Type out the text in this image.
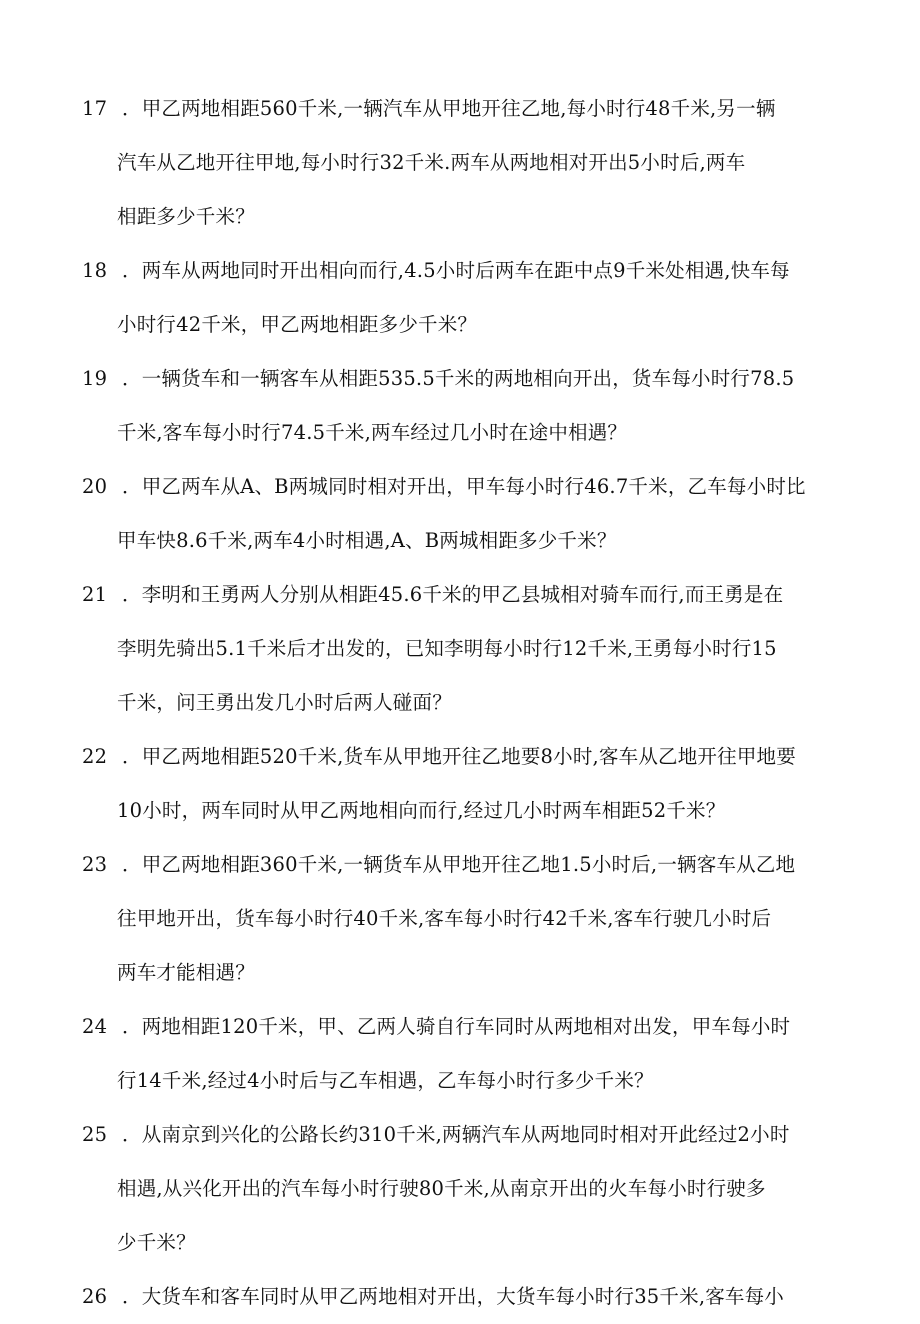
17 ．甲乙两地相距560千米,一辆汽车从甲地开往乙地,每小时行48千米,另一辆
汽车从乙地开往甲地,每小时行32千米.两车从两地相对开出5小时后,两车
相距多少千米？
18 ．两车从两地同时开出相向而行,4.5小时后两车在距中点9千米处相遇,快车每
小时行42千米，甲乙两地相距多少千米？
19 ．一辆货车和一辆客车从相距535.5千米的两地相向开出，货车每小时行78.5
千米,客车每小时行74.5千米,两车经过几小时在途中相遇？
20 ．甲乙两车从A、B两城同时相对开出，甲车每小时行46.7千米，乙车每小时比
甲车快8.6千米,两车4小时相遇,A、B两城相距多少千米？
21 ．李明和王勇两人分别从相距45.6千米的甲乙县城相对骑车而行,而王勇是在
李明先骑出5.1千米后才出发的，已知李明每小时行12千米,王勇每小时行15
千米，问王勇出发几小时后两人碰面？
22 ．甲乙两地相距520千米,货车从甲地开往乙地要8小时,客车从乙地开往甲地要
10小时，两车同时从甲乙两地相向而行,经过几小时两车相距52千米？
23 ．甲乙两地相距360千米,一辆货车从甲地开往乙地1.5小时后,一辆客车从乙地
往甲地开出，货车每小时行40千米,客车每小时行42千米,客车行驶几小时后
两车才能相遇？
24 ．两地相距120千米，甲、乙两人骑自行车同时从两地相对出发，甲车每小时
行14千米,经过4小时后与乙车相遇，乙车每小时行多少千米？
25 ．从南京到兴化的公路长约310千米,两辆汽车从两地同时相对开此经过2小时
相遇,从兴化开出的汽车每小时行驶80千米,从南京开出的火车每小时行驶多
少千米？
26 ．大货车和客车同时从甲乙两地相对开出，大货车每小时行35千米,客车每小
